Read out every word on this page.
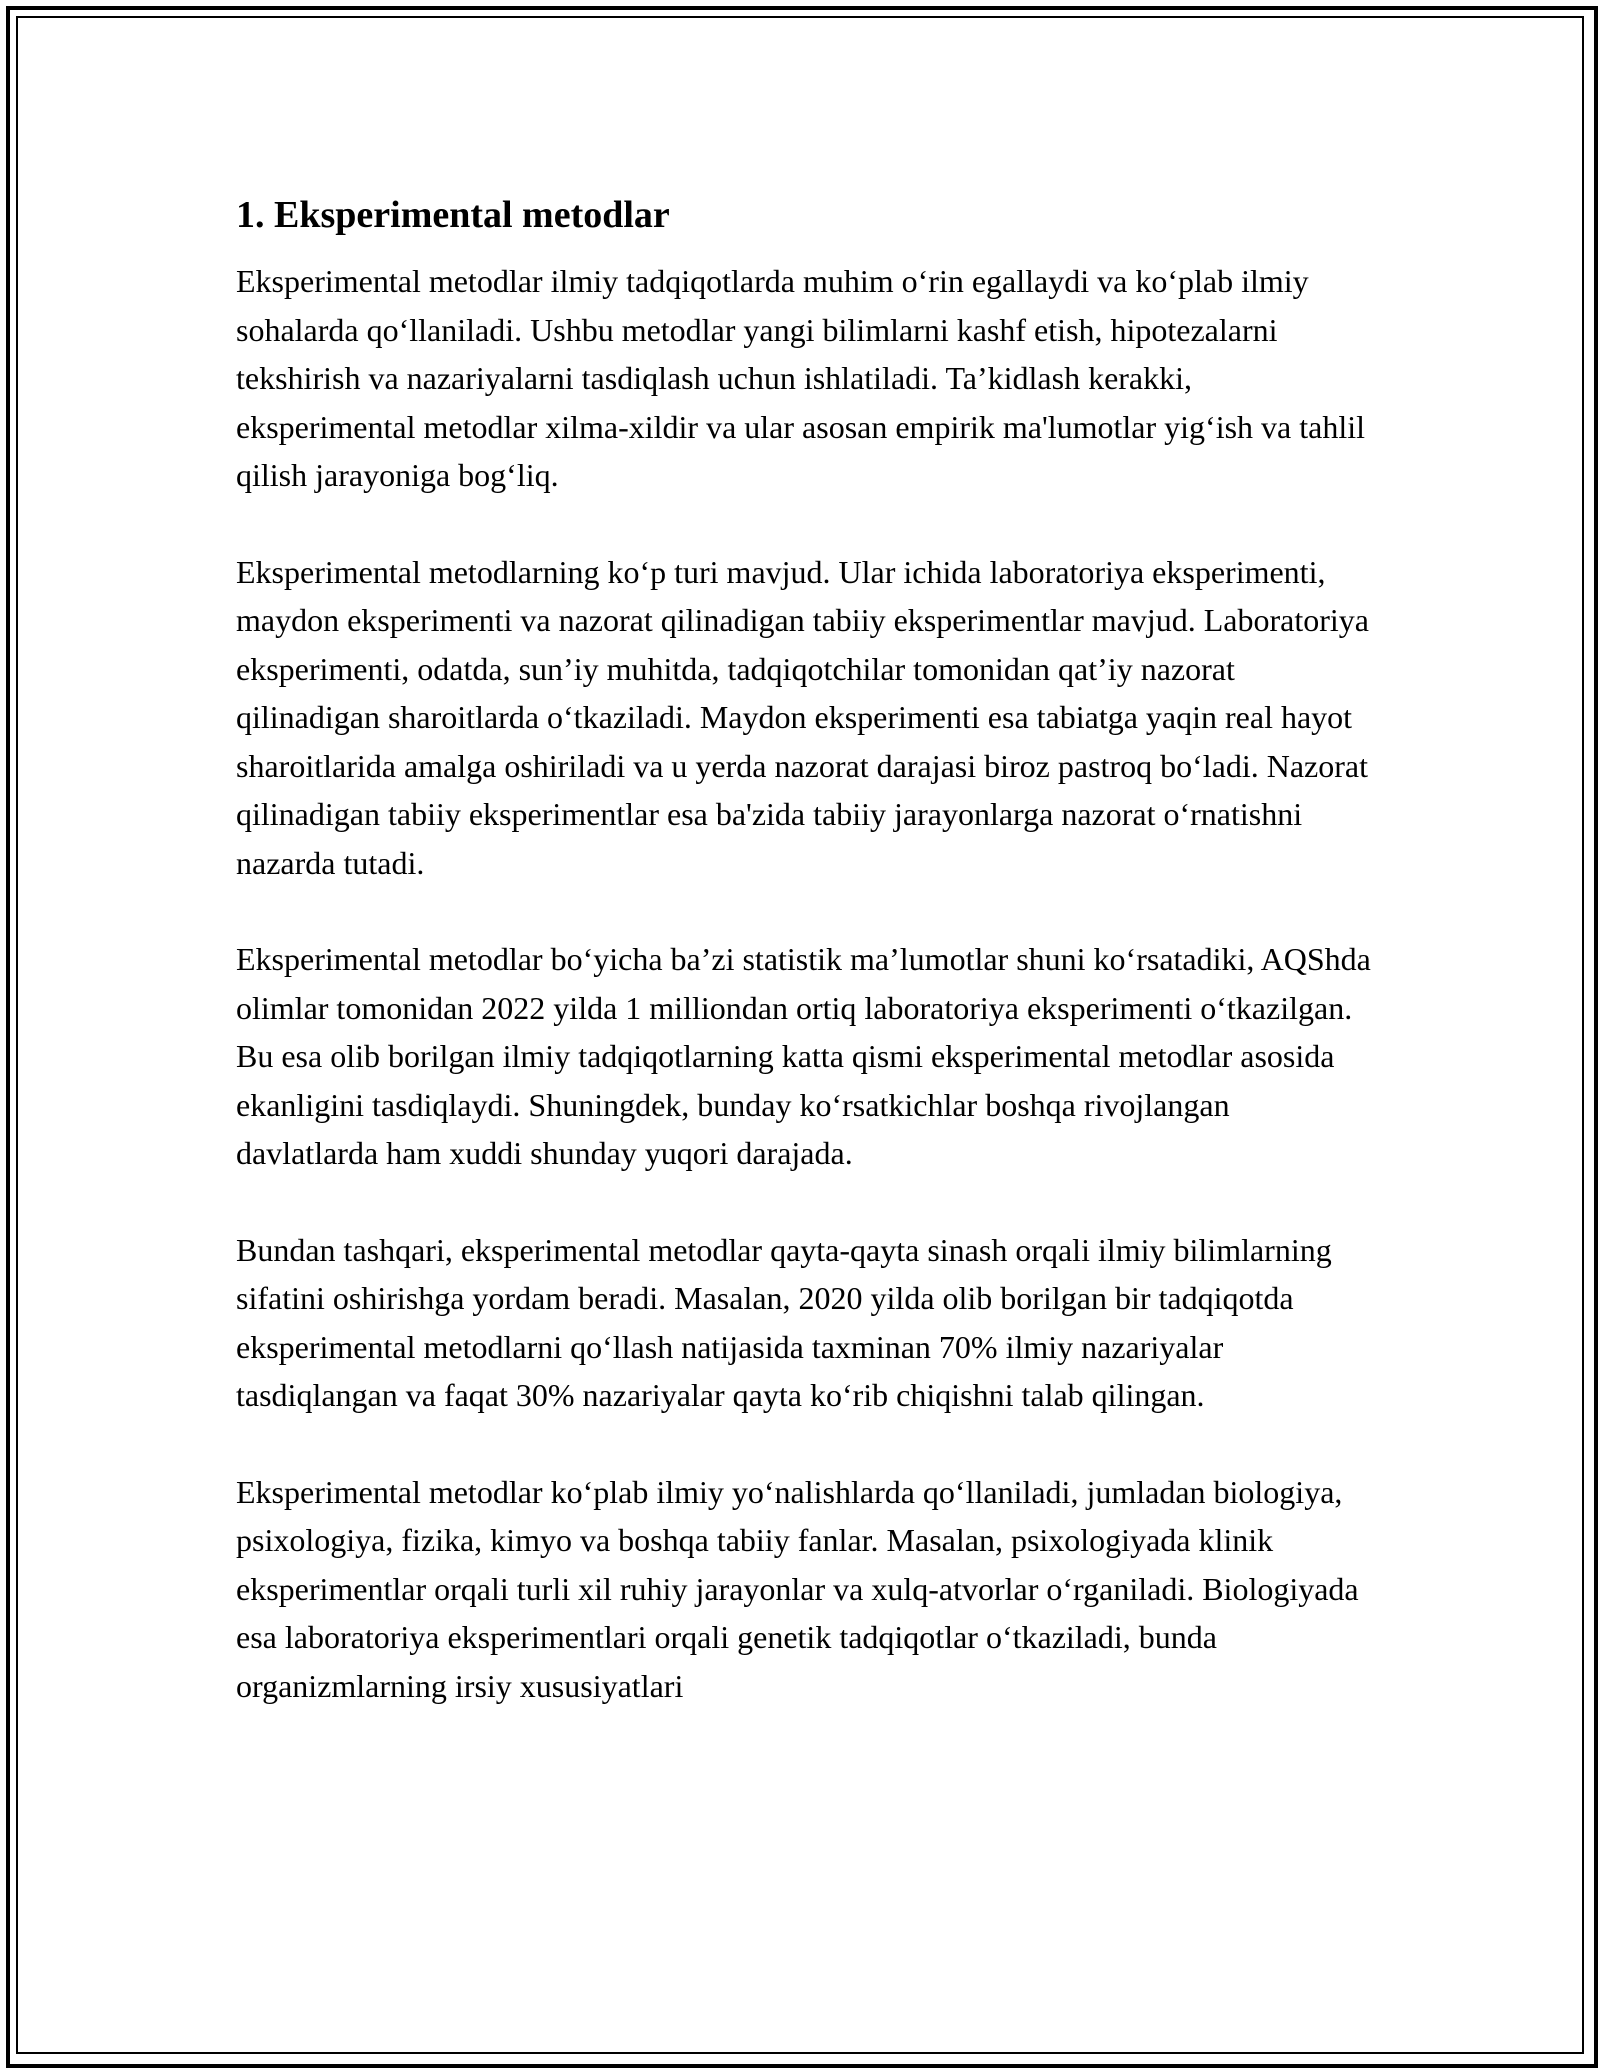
1. Eksperimental metodlar

Eksperimental metodlar ilmiy tadqiqotlarda muhim o‘rin egallaydi va ko‘plab ilmiy sohalarda qo‘llaniladi. Ushbu metodlar yangi bilimlarni kashf etish, hipotezalarni tekshirish va nazariyalarni tasdiqlash uchun ishlatiladi. Ta’kidlash kerakki, eksperimental metodlar xilma-xildir va ular asosan empirik ma'lumotlar yig‘ish va tahlil qilish jarayoniga bog‘liq.

Eksperimental metodlarning ko‘p turi mavjud. Ular ichida laboratoriya eksperimenti, maydon eksperimenti va nazorat qilinadigan tabiiy eksperimentlar mavjud. Laboratoriya eksperimenti, odatda, sun’iy muhitda, tadqiqotchilar tomonidan qat’iy nazorat qilinadigan sharoitlarda o‘tkaziladi. Maydon eksperimenti esa tabiatga yaqin real hayot sharoitlarida amalga oshiriladi va u yerda nazorat darajasi biroz pastroq bo‘ladi. Nazorat qilinadigan tabiiy eksperimentlar esa ba'zida tabiiy jarayonlarga nazorat o‘rnatishni nazarda tutadi.

Eksperimental metodlar bo‘yicha ba’zi statistik ma’lumotlar shuni ko‘rsatadiki, AQShda olimlar tomonidan 2022 yilda 1 milliondan ortiq laboratoriya eksperimenti o‘tkazilgan. Bu esa olib borilgan ilmiy tadqiqotlarning katta qismi eksperimental metodlar asosida ekanligini tasdiqlaydi. Shuningdek, bunday ko‘rsatkichlar boshqa rivojlangan davlatlarda ham xuddi shunday yuqori darajada.

Bundan tashqari, eksperimental metodlar qayta-qayta sinash orqali ilmiy bilimlarning sifatini oshirishga yordam beradi. Masalan, 2020 yilda olib borilgan bir tadqiqotda eksperimental metodlarni qo‘llash natijasida taxminan 70% ilmiy nazariyalar tasdiqlangan va faqat 30% nazariyalar qayta ko‘rib chiqishni talab qilingan.

Eksperimental metodlar ko‘plab ilmiy yo‘nalishlarda qo‘llaniladi, jumladan biologiya, psixologiya, fizika, kimyo va boshqa tabiiy fanlar. Masalan, psixologiyada klinik eksperimentlar orqali turli xil ruhiy jarayonlar va xulq-atvorlar o‘rganiladi. Biologiyada esa laboratoriya eksperimentlari orqali genetik tadqiqotlar o‘tkaziladi, bunda organizmlarning irsiy xususiyatlari
